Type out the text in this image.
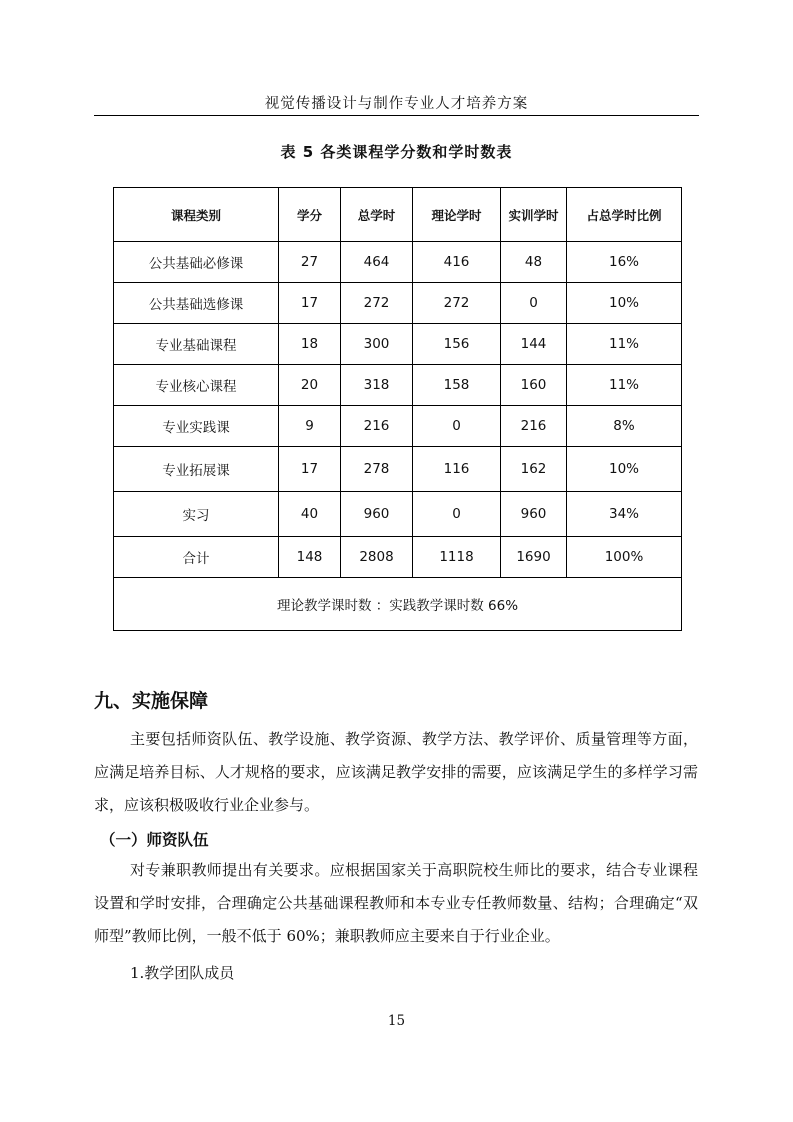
视觉传播设计与制作专业人才培养方案
表 5 各类课程学分数和学时数表
课程类别	学分	总学时	理论学时	实训学时	占总学时比例
公共基础必修课	27	464	416	48	16%
公共基础选修课	17	272	272	0	10%
专业基础课程	18	300	156	144	11%
专业核心课程	20	318	158	160	11%
专业实践课	9	216	0	216	8%
专业拓展课	17	278	116	162	10%
实习	40	960	0	960	34%
合计	148	2808	1118	1690	100%
理论教学课时数 ：实践教学课时数 66%					
九、实施保障

主要包括师资队伍、教学设施、教学资源、教学方法、教学评价、质量管理等方面，应满足培养目标、人才规格的要求，应该满足教学安排的需要，应该满足学生的多样学习需求，应该积极吸收行业企业参与。

（一）师资队伍

对专兼职教师提出有关要求。应根据国家关于高职院校生师比的要求，结合专业课程设置和学时安排，合理确定公共基础课程教师和本专业专任教师数量、结构；合理确定“双师型”教师比例，一般不低于 60%；兼职教师应主要来自于行业企业。

1.教学团队成员
15
